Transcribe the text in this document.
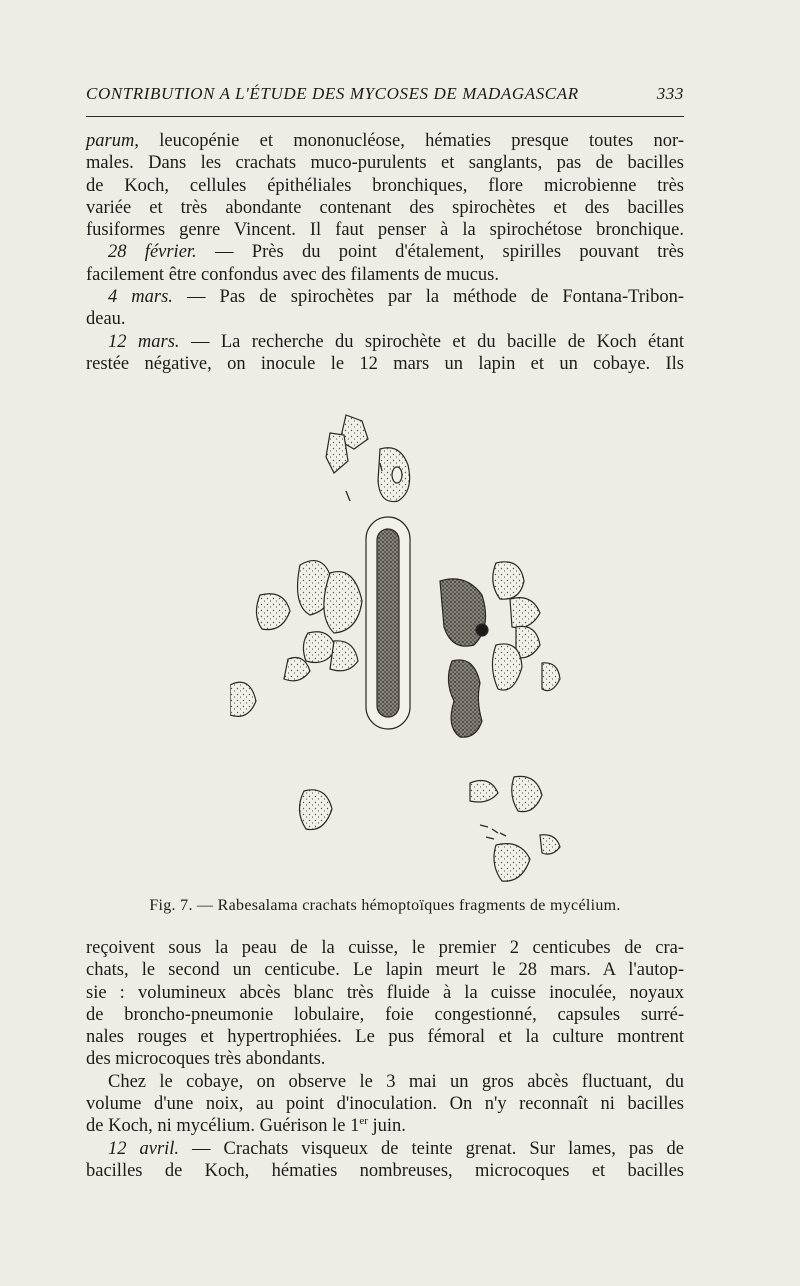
CONTRIBUTION A L'ÉTUDE DES MYCOSES DE MADAGASCAR	333
parum, leucopénie et mononucléose, hématies presque toutes nor-
males. Dans les crachats muco-purulents et sanglants, pas de bacilles
de Koch, cellules épithéliales bronchiques, flore microbienne très
variée et très abondante contenant des spirochètes et des bacilles
fusiformes genre Vincent. Il faut penser à la spirochétose bronchique.
28 février. — Près du point d'étalement, spirilles pouvant très
facilement être confondus avec des filaments de mucus.
4 mars. — Pas de spirochètes par la méthode de Fontana-Tribon-
deau.
12 mars. — La recherche du spirochète et du bacille de Koch étant
restée négative, on inocule le 12 mars un lapin et un cobaye. Ils
Fig. 7. — Rabesalama crachats hémoptoïques fragments de mycélium.
reçoivent sous la peau de la cuisse, le premier 2 centicubes de cra-
chats, le second un centicube. Le lapin meurt le 28 mars. A l'autop-
sie : volumineux abcès blanc très fluide à la cuisse inoculée, noyaux
de broncho-pneumonie lobulaire, foie congestionné, capsules surré-
nales rouges et hypertrophiées. Le pus fémoral et la culture montrent
des microcoques très abondants.
Chez le cobaye, on observe le 3 mai un gros abcès fluctuant, du
volume d'une noix, au point d'inoculation. On n'y reconnaît ni bacilles
de Koch, ni mycélium. Guérison le 1er juin.
12 avril. — Crachats visqueux de teinte grenat. Sur lames, pas de
bacilles de Koch, hématies nombreuses, microcoques et bacilles
